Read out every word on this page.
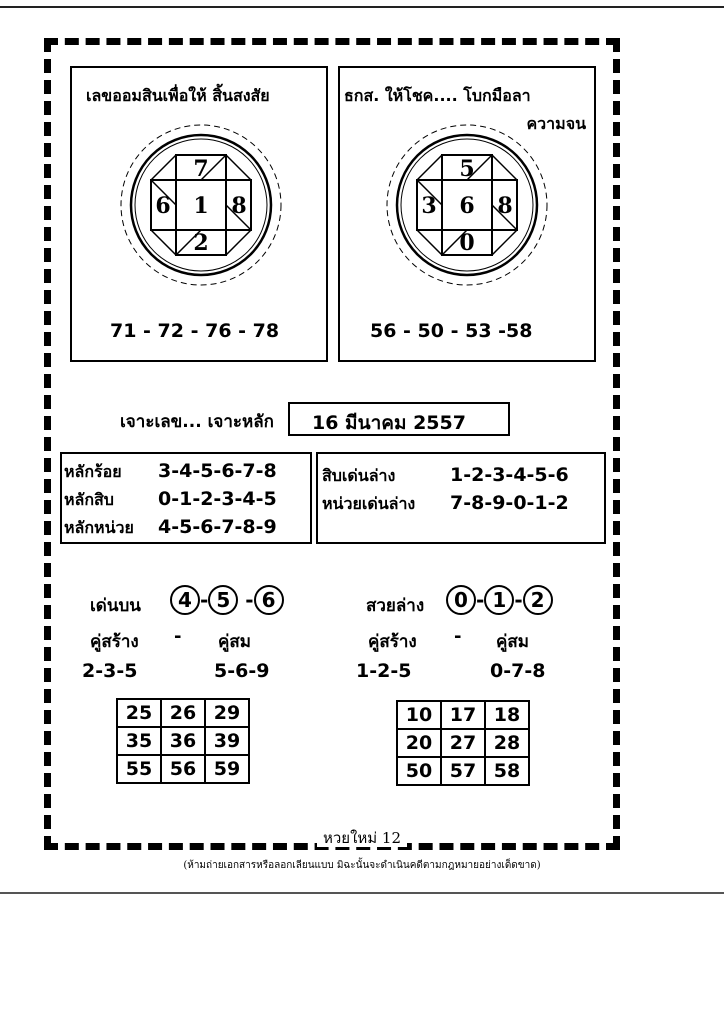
เลขออมสินเพื่อให้ สิ้นสงสัย
7
6 1 8
2
71 - 72 - 76 - 78
ธกส. ให้โชค.... โบกมือลา
ความจน
5
3 6 8
0
56 - 50 - 53 -58
เจาะเลข... เจาะหลัก 16 มีนาคม 2557
หลักร้อย 3-4-5-6-7-8
หลักสิบ 0-1-2-3-4-5
หลักหน่วย 4-5-6-7-8-9
สิบเด่นล่าง	1-2-3-4-5-6
หน่วยเด่นล่าง 7-8-9-0-1-2
เด่นบน	4 - 5 - 6
คู่สร้าง - คู่สม
2-3-5	5-6-9
25	26	29
35	36	39
55	56	59
สวยล่าง	0 - 1 - 2
คู่สร้าง - คู่สม
1-2-5	0-7-8
10	17	18
20	27	28
50	57	58
หวยใหม่ 12
(ห้ามถ่ายเอกสารหรือลอกเลียนแบบ มิฉะนั้นจะดำเนินคดีตามกฎหมายอย่างเด็ดขาด)
